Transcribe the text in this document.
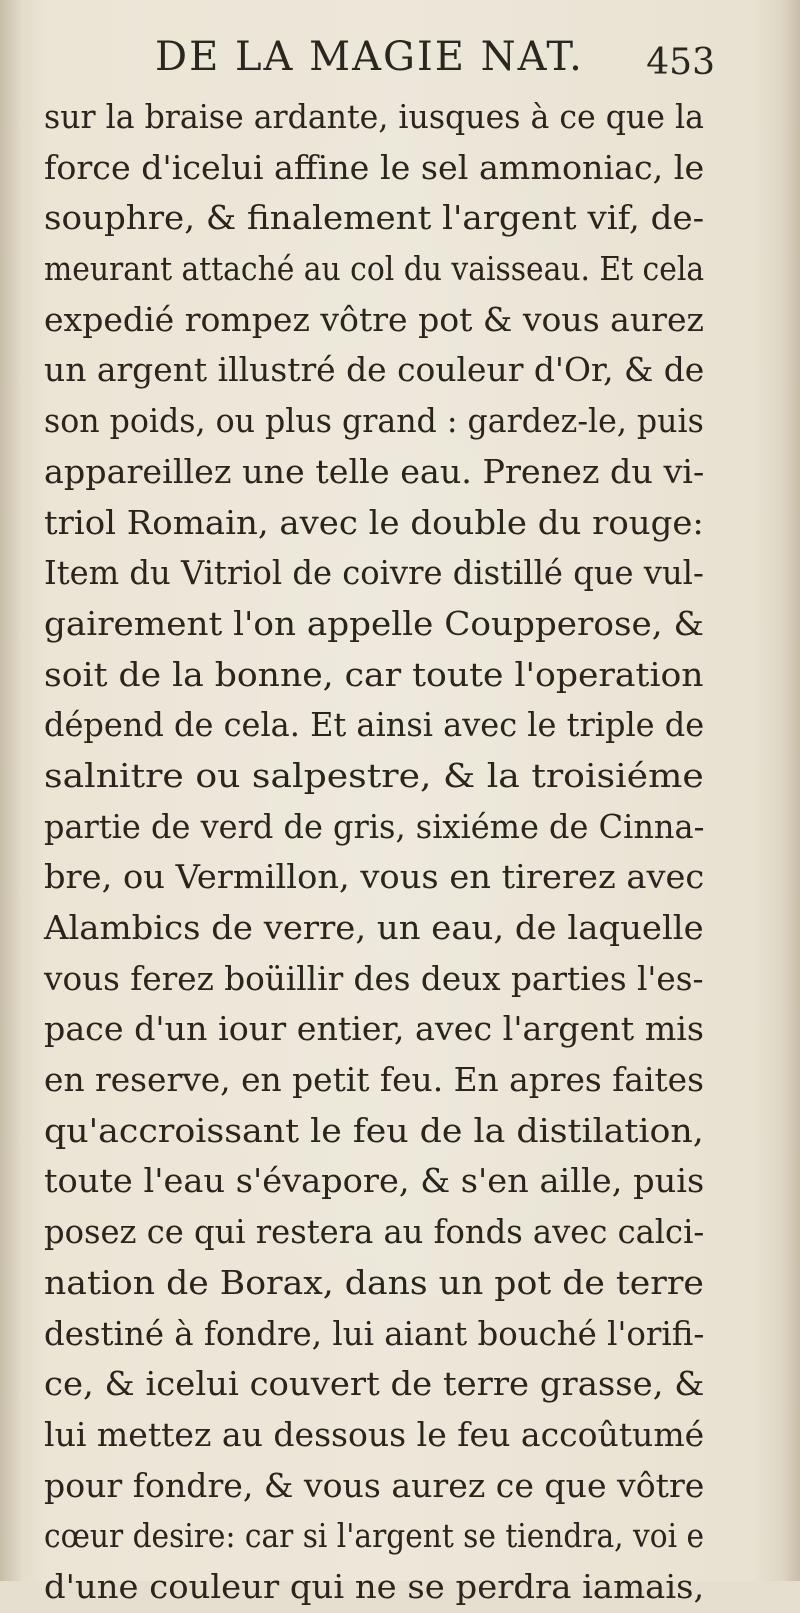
DE LA MAGIE NAT. 453
sur la braise ardante, iusques à ce que la
force d'icelui affine le sel ammoniac, le
souphre, & finalement l'argent vif, de-
meurant attaché au col du vaisseau. Et cela
expedié rompez vôtre pot & vous aurez
un argent illustré de couleur d'Or, & de
son poids, ou plus grand : gardez-le, puis
appareillez une telle eau. Prenez du vi-
triol Romain, avec le double du rouge:
Item du Vitriol de coivre distillé que vul-
gairement l'on appelle Coupperose, &
soit de la bonne, car toute l'operation
dépend de cela. Et ainsi avec le triple de
salnitre ou salpestre, & la troisiéme
partie de verd de gris, sixiéme de Cinna-
bre, ou Vermillon, vous en tirerez avec
Alambics de verre, un eau, de laquelle
vous ferez boüillir des deux parties l'es-
pace d'un iour entier, avec l'argent mis
en reserve, en petit feu. En apres faites
qu'accroissant le feu de la distilation,
toute l'eau s'évapore, & s'en aille, puis
posez ce qui restera au fonds avec calci-
nation de Borax, dans un pot de terre
destiné à fondre, lui aiant bouché l'orifi-
ce, & icelui couvert de terre grasse, &
lui mettez au dessous le feu accoûtumé
pour fondre, & vous aurez ce que vôtre
cœur desire: car si l'argent se tiendra, voi e
d'une couleur qui ne se perdra iamais,
